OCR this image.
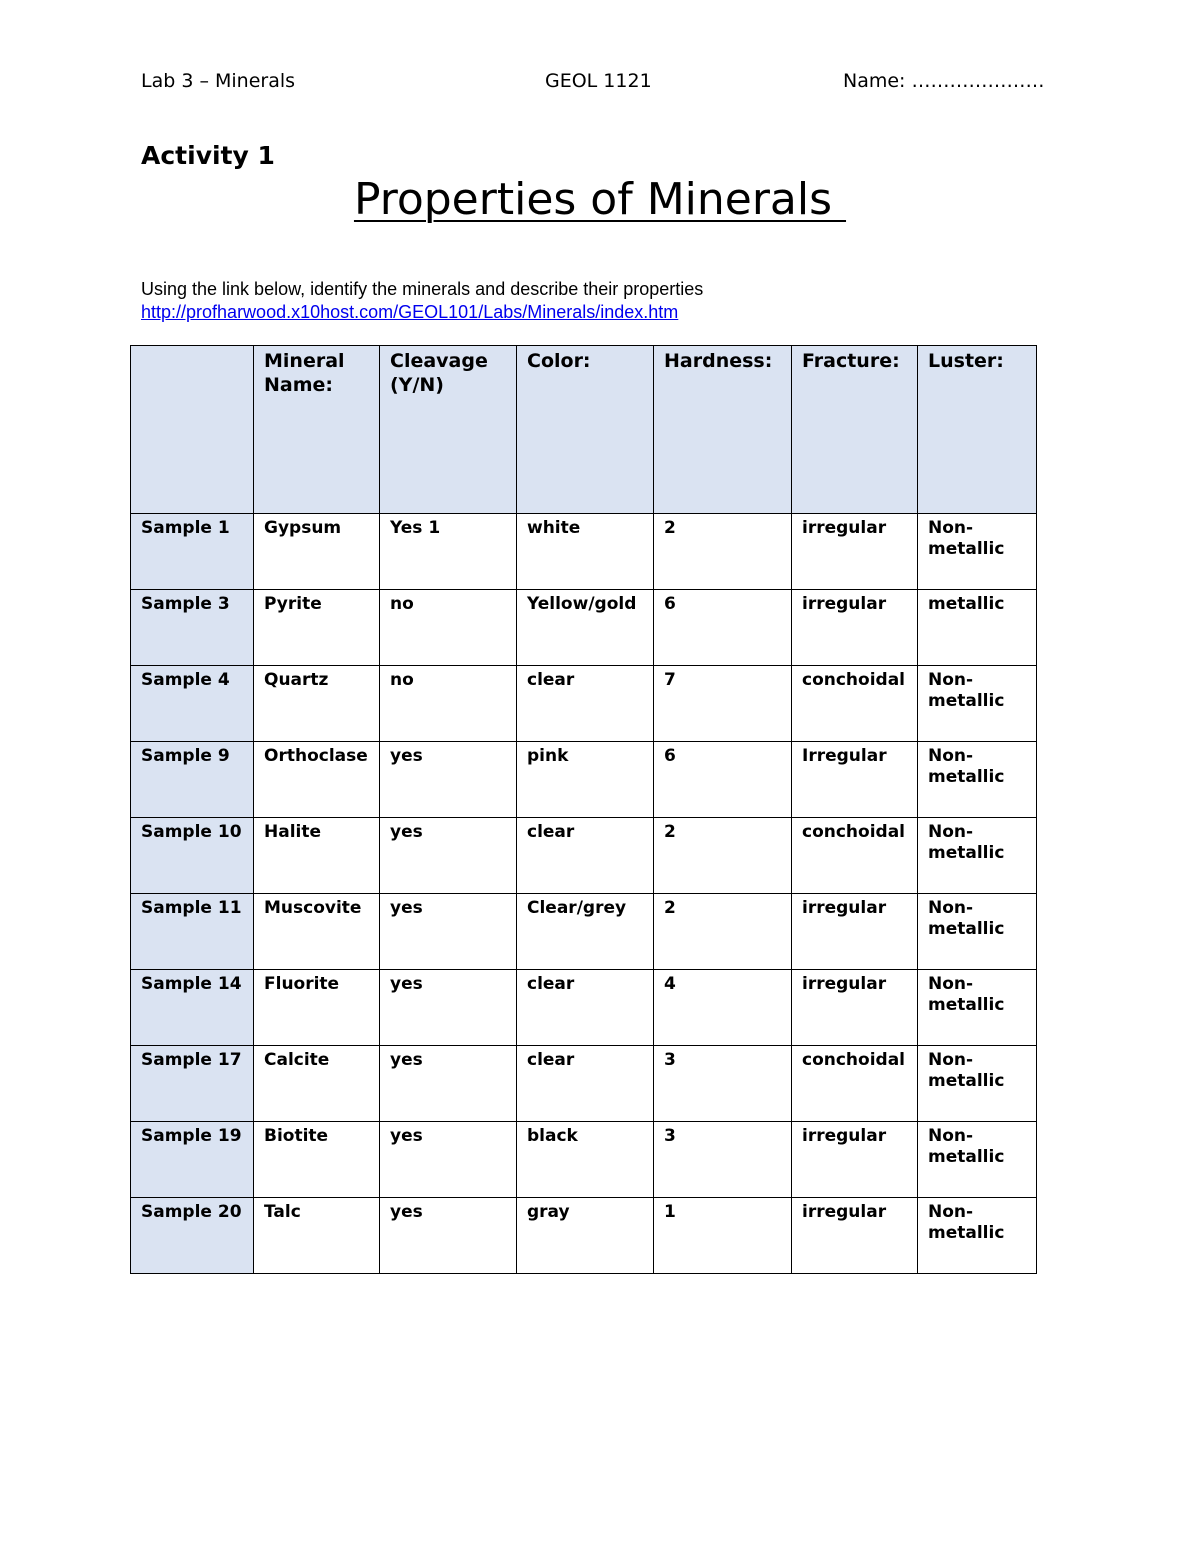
Lab 3 – Minerals	GEOL 1121	Name: …………………
Activity 1
Properties of Minerals
Using the link below, identify the minerals and describe their properties
http://profharwood.x10host.com/GEOL101/Labs/Minerals/index.htm
	Mineral Name:	Cleavage (Y/N)	Color:	Hardness:	Fracture:	Luster:
Sample 1	Gypsum	Yes 1	white	2	irregular	Non-metallic
Sample 3	Pyrite	no	Yellow/gold	6	irregular	metallic
Sample 4	Quartz	no	clear	7	conchoidal	Non-metallic
Sample 9	Orthoclase	yes	pink	6	Irregular	Non-metallic
Sample 10	Halite	yes	clear	2	conchoidal	Non-metallic
Sample 11	Muscovite	yes	Clear/grey	2	irregular	Non-metallic
Sample 14	Fluorite	yes	clear	4	irregular	Non-metallic
Sample 17	Calcite	yes	clear	3	conchoidal	Non-metallic
Sample 19	Biotite	yes	black	3	irregular	Non-metallic
Sample 20	Talc	yes	gray	1	irregular	Non-metallic
